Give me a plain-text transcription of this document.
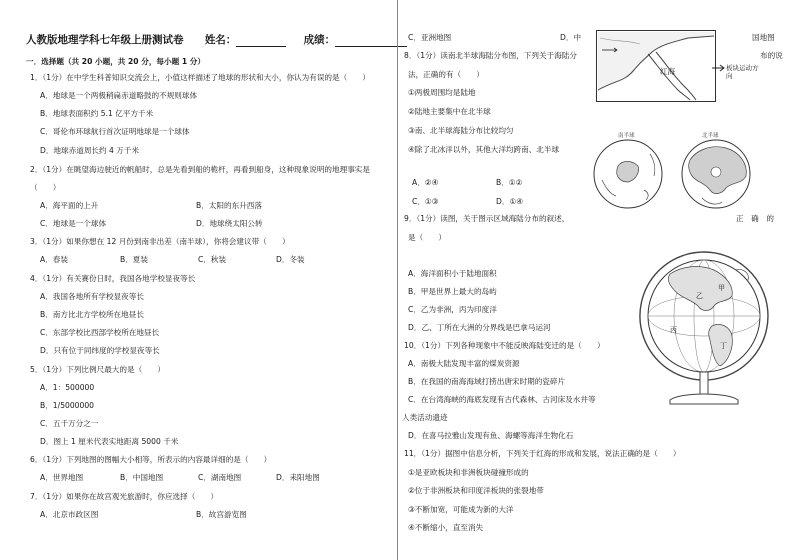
人教版地理学科七年级上册测试卷 姓名：	成绩：
一．选择题（共 20 小题，共 20 分，每小题 1 分）
1．（1分）在中学生科普知识交流会上，小值这样描述了地球的形状和大小，你认为有误的是（　　）
A．地球是一个两极稍扁赤道略鼓的不规则球体
B．地球表面积约 5.1 亿平方千米
C．哥伦布环球航行首次证明地球是一个球体
D．地球赤道周长约 4 万千米
2．（1分）在眺望海边驶近的帆船时，总是先看到船的桅杆，再看到船身，这种现象说明的地理事实是
（　　）
A．海平面的上升	B．太阳的东升西落
C．地球是一个球体	D．地球绕太阳公转
3．（1分）如果你想在 12 月份到南非出差（南半球），你将会建议带（　　）
A．春装	B．夏装	C．秋装	D．冬装
4．（1分）有关赛份日时，我国各地学校显夜等长
A．我国各地所有学校显夜等长
B．南方比北方学校所在地昼长
C．东部学校比西部学校所在地昼长
D．只有位于同纬度的学校显夜等长
5．（1分）下列比例尺最大的是（　　）
A．1：500000
B．1/5000000
C．五千万分之一
D．图上 1 厘米代表实地距离 5000 千米
6．（1分）下列地图的图幅大小相等，所表示的内容最详细的是（　　）
A．世界地图	B．中国地图	C．湖南地图	D．耒阳地图
7．（1分）如果你在故宫观光旅游时，你应选择（　　）
A．北京市政区图	B．故宫游览图
C．亚洲地图	D．中	国地图
8．（1分）读南北半球海陆分布图，下列关于海陆分	布的说
法，正确的有（　　）
①两极周围均是陆地
②陆地主要集中在北半球
③南、北半球海陆分布比较均匀
④除了北冰洋以外，其他大洋均跨南、北半球
A．②④	B．①②
C．①③	D．①④
9．（1分）读图，关于图示区域海陆分布的叙述，	正　确　的
是（　　）
A．海洋面积小于陆地面积
B．甲是世界上最大的岛屿
C．乙为非洲，丙为印度洋
D．乙、丁所在大洲的分界线是巴拿马运河
10．（1分）下列各种现象中不能反映海陆变迁的是（　　）
A．南极大陆发现丰富的煤炭资源
B．在我国的南海海域打捞出唐宋时期的瓷碎片
C．在台湾海峡的海底发现有古代森林、古河床及水井等
人类活动遗迹
D．在喜马拉雅山发现有鱼、海螺等海洋生物化石
11．（1分）据图中信息分析，下列关于红海的形成和发展，说法正确的是（　　）
①是亚欧板块和非洲板块碰撞形成的
②位于非洲板块和印度洋板块的张裂地带
③不断加宽，可能成为新的大洋
④不断缩小，直至消失
红海	板块运动方向
南半球	北半球
甲
乙
丙
丁
